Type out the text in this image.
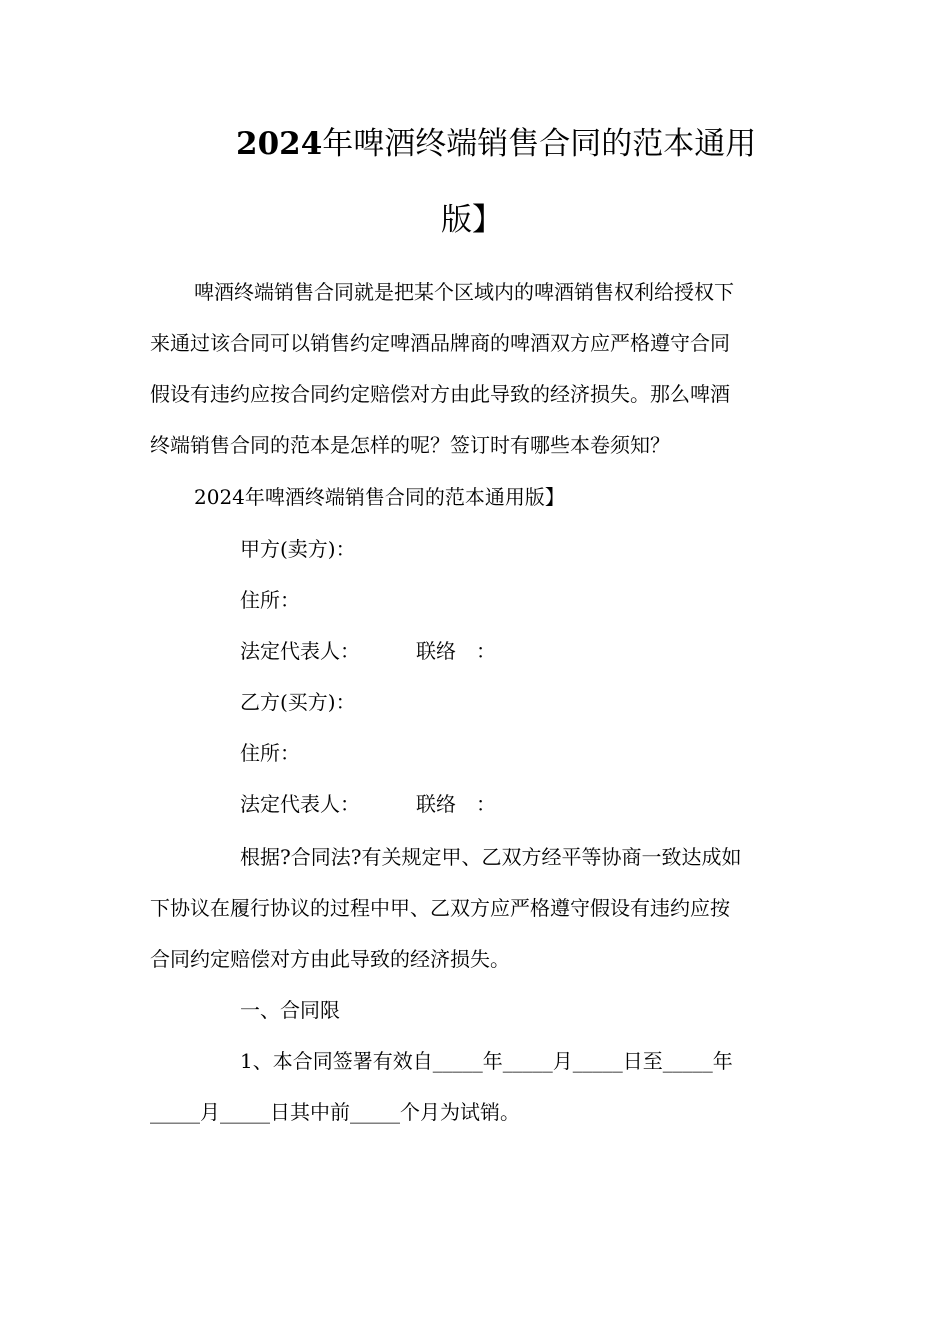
2024年啤酒终端销售合同的范本通用
版】
啤酒终端销售合同就是把某个区域内的啤酒销售权利给授权下
来通过该合同可以销售约定啤酒品牌商的啤酒双方应严格遵守合同
假设有违约应按合同约定赔偿对方由此导致的经济损失。那么啤酒
终端销售合同的范本是怎样的呢？签订时有哪些本卷须知？
2024年啤酒终端销售合同的范本通用版】
甲方(卖方)：
住所：
法定代表人：	联络　：
乙方(买方)：
住所：
法定代表人：	联络　：
根据?合同法?有关规定甲、乙双方经平等协商一致达成如
下协议在履行协议的过程中甲、乙双方应严格遵守假设有违约应按
合同约定赔偿对方由此导致的经济损失。
一、合同限
1、本合同签署有效自_____年_____月_____日至_____年
_____月_____日其中前_____个月为试销。
